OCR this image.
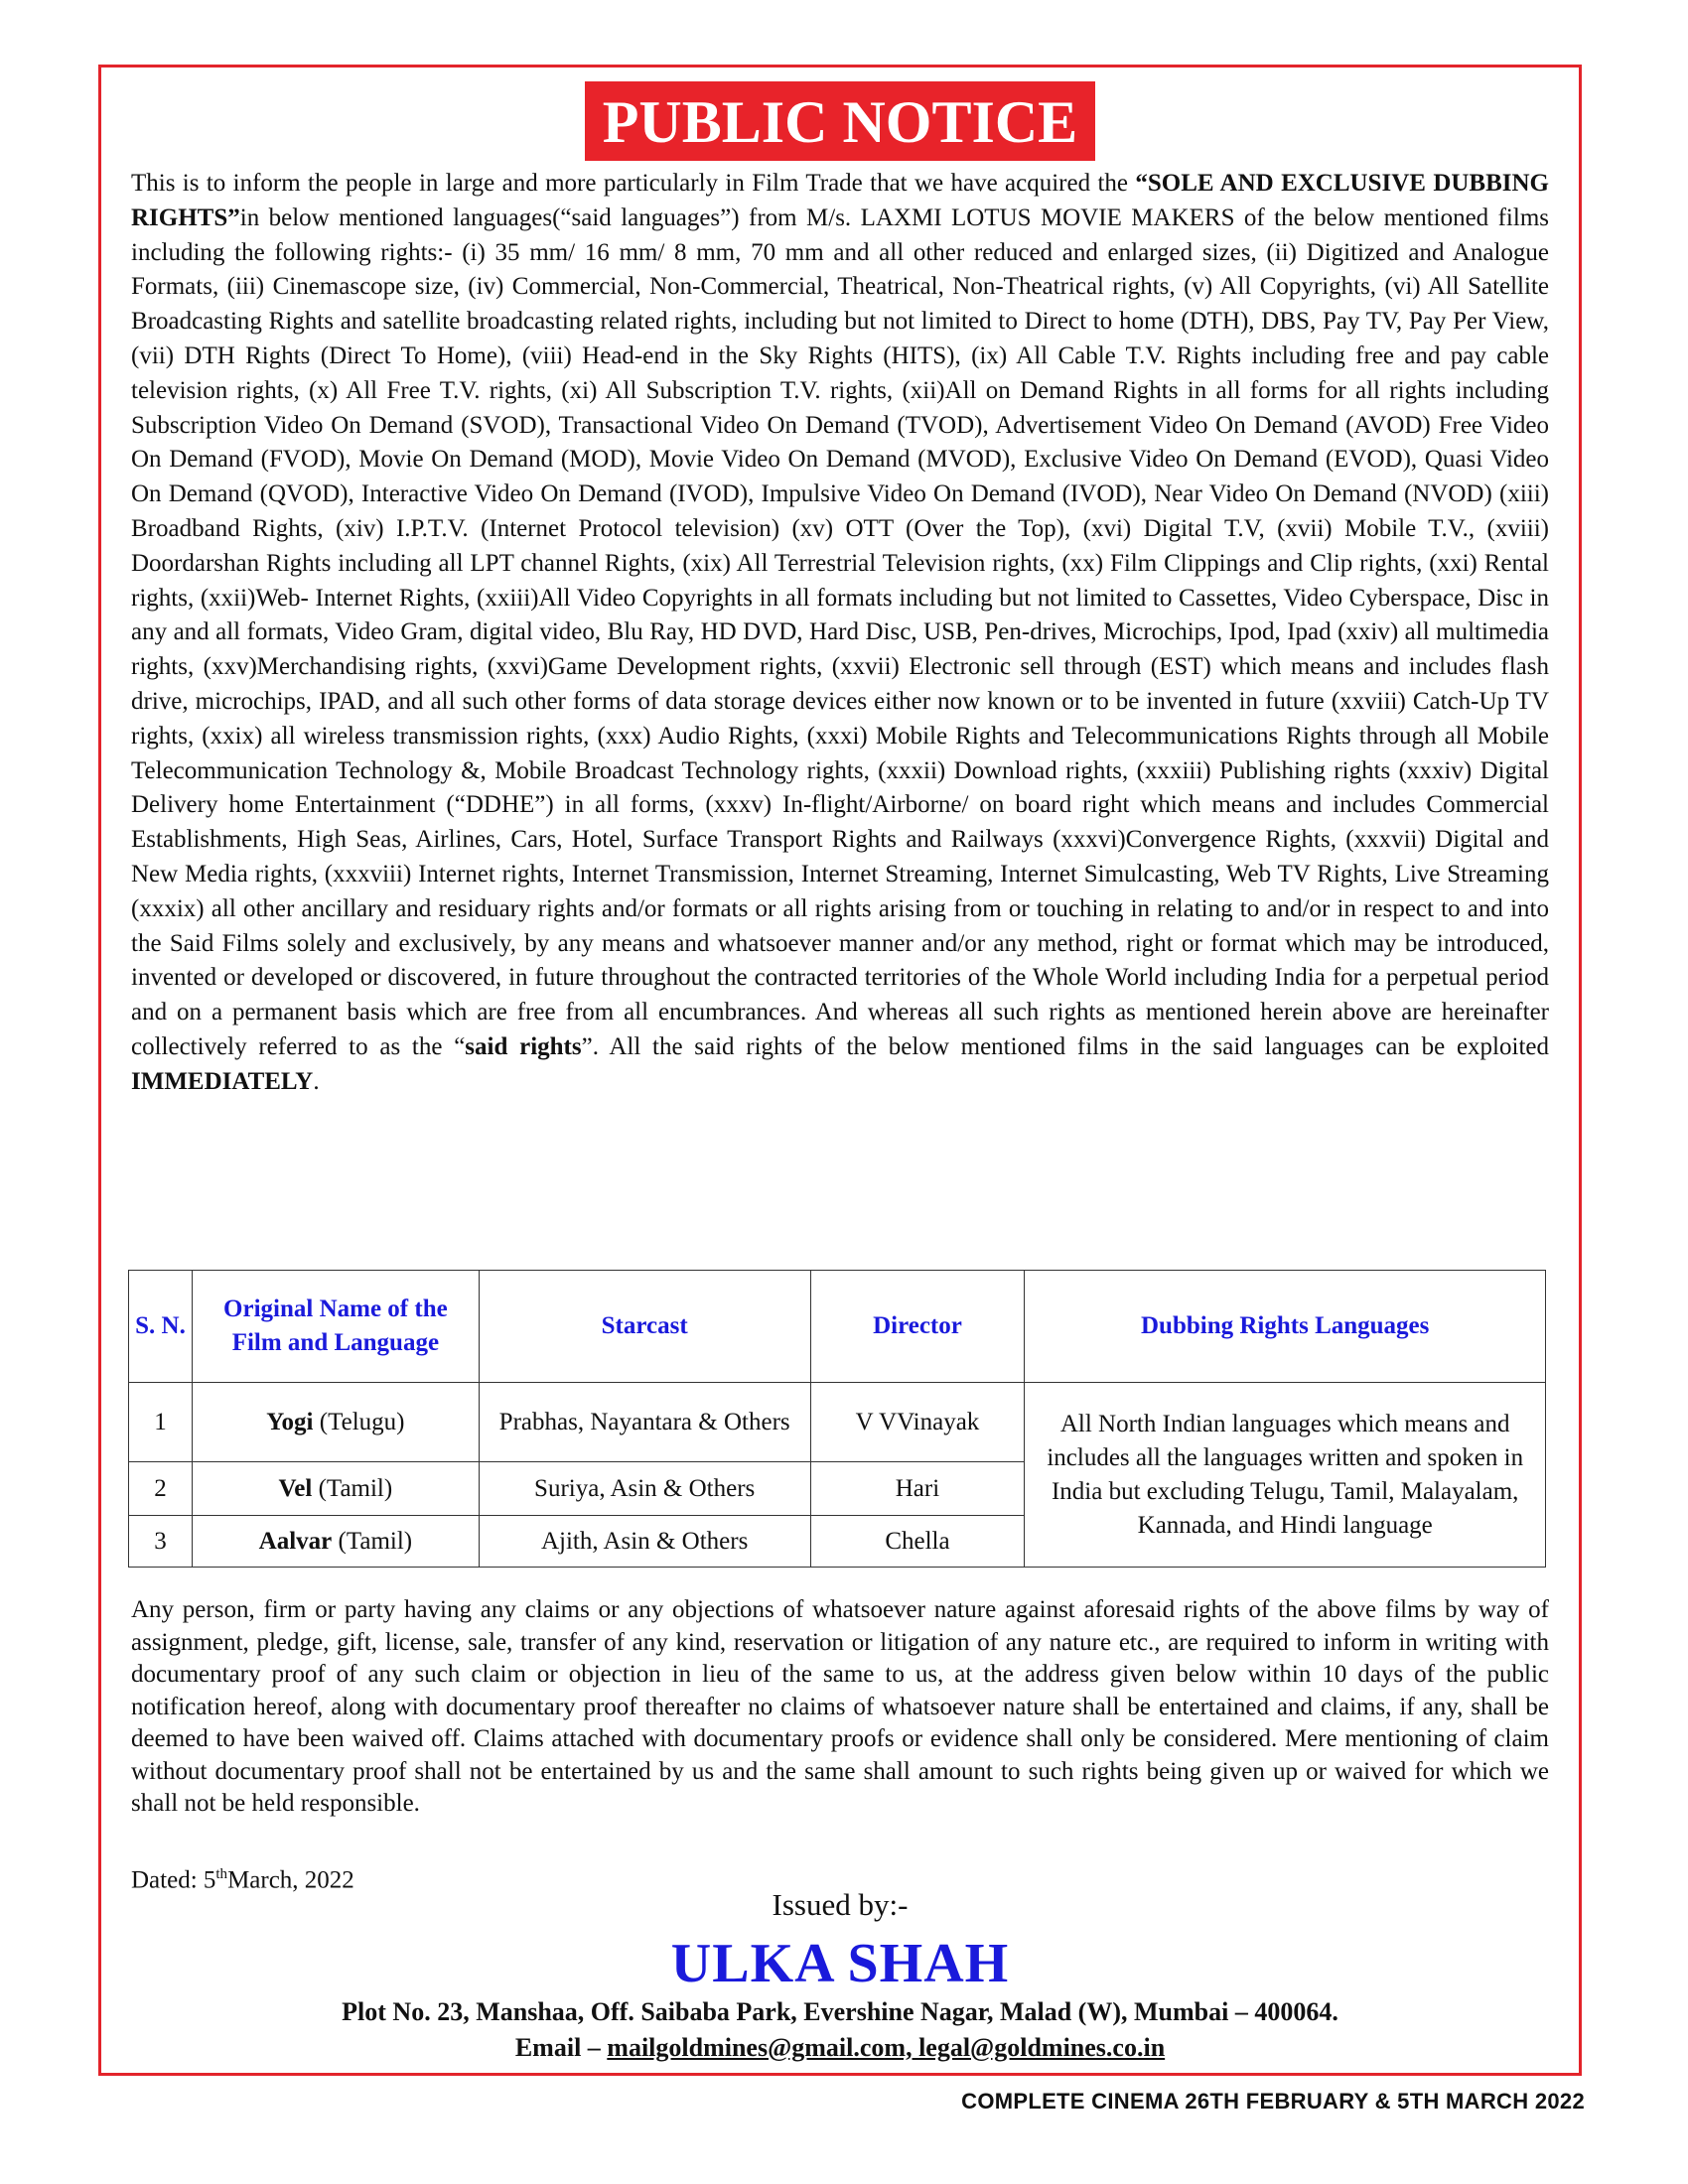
PUBLIC NOTICE

This is to inform the people in large and more particularly in Film Trade that we have acquired the “SOLE AND EXCLUSIVE DUBBING RIGHTS”in below mentioned languages(“said languages”) from M/s. LAXMI LOTUS MOVIE MAKERS of the below mentioned films including the following rights:- (i) 35 mm/ 16 mm/ 8 mm, 70 mm and all other reduced and enlarged sizes, (ii) Digitized and Analogue Formats, (iii) Cinemascope size, (iv) Commercial, Non-Commercial, Theatrical, Non-Theatrical rights, (v) All Copyrights, (vi) All Satellite Broadcasting Rights and satellite broadcasting related rights, including but not limited to Direct to home (DTH), DBS, Pay TV, Pay Per View, (vii) DTH Rights (Direct To Home), (viii) Head-end in the Sky Rights (HITS), (ix) All Cable T.V. Rights including free and pay cable television rights, (x) All Free T.V. rights, (xi) All Subscription T.V. rights, (xii)All on Demand Rights in all forms for all rights including Subscription Video On Demand (SVOD), Transactional Video On Demand (TVOD), Advertisement Video On Demand (AVOD) Free Video On Demand (FVOD), Movie On Demand (MOD), Movie Video On Demand (MVOD), Exclusive Video On Demand (EVOD), Quasi Video On Demand (QVOD), Interactive Video On Demand (IVOD), Impulsive Video On Demand (IVOD), Near Video On Demand (NVOD) (xiii) Broadband Rights, (xiv) I.P.T.V. (Internet Protocol television) (xv) OTT (Over the Top), (xvi) Digital T.V, (xvii) Mobile T.V., (xviii) Doordarshan Rights including all LPT channel Rights, (xix) All Terrestrial Television rights, (xx) Film Clippings and Clip rights, (xxi) Rental rights, (xxii)Web- Internet Rights, (xxiii)All Video Copyrights in all formats including but not limited to Cassettes, Video Cyberspace, Disc in any and all formats, Video Gram, digital video, Blu Ray, HD DVD, Hard Disc, USB, Pen-drives, Microchips, Ipod, Ipad (xxiv) all multimedia rights, (xxv)Merchandising rights, (xxvi)Game Development rights, (xxvii) Electronic sell through (EST) which means and includes flash drive, microchips, IPAD, and all such other forms of data storage devices either now known or to be invented in future (xxviii) Catch-Up TV rights, (xxix) all wireless transmission rights, (xxx) Audio Rights, (xxxi) Mobile Rights and Telecommunications Rights through all Mobile Telecommunication Technology &, Mobile Broadcast Technology rights, (xxxii) Download rights, (xxxiii) Publishing rights (xxxiv) Digital Delivery home Entertainment (“DDHE”) in all forms, (xxxv) In-flight/Airborne/ on board right which means and includes Commercial Establishments, High Seas, Airlines, Cars, Hotel, Surface Transport Rights and Railways (xxxvi)Convergence Rights, (xxxvii) Digital and New Media rights, (xxxviii) Internet rights, Internet Transmission, Internet Streaming, Internet Simulcasting, Web TV Rights, Live Streaming (xxxix) all other ancillary and residuary rights and/or formats or all rights arising from or touching in relating to and/or in respect to and into the Said Films solely and exclusively, by any means and whatsoever manner and/or any method, right or format which may be introduced, invented or developed or discovered, in future throughout the contracted territories of the Whole World including India for a perpetual period and on a permanent basis which are free from all encumbrances. And whereas all such rights as mentioned herein above are hereinafter collectively referred to as the “said rights”. All the said rights of the below mentioned films in the said languages can be exploited IMMEDIATELY.

S. N.	Original Name of the Film and Language	Starcast	Director	Dubbing Rights Languages
1	Yogi (Telugu)	Prabhas, Nayantara & Others	V VVinayak	All North Indian languages which means and includes all the languages written and spoken in India but excluding Telugu, Tamil, Malayalam, Kannada, and Hindi language
2	Vel (Tamil)	Suriya, Asin & Others	Hari	
3	Aalvar (Tamil)	Ajith, Asin & Others	Chella	
Any person, firm or party having any claims or any objections of whatsoever nature against aforesaid rights of the above films by way of assignment, pledge, gift, license, sale, transfer of any kind, reservation or litigation of any nature etc., are required to inform in writing with documentary proof of any such claim or objection in lieu of the same to us, at the address given below within 10 days of the public notification hereof, along with documentary proof thereafter no claims of whatsoever nature shall be entertained and claims, if any, shall be deemed to have been waived off. Claims attached with documentary proofs or evidence shall only be considered. Mere mentioning of claim without documentary proof shall not be entertained by us and the same shall amount to such rights being given up or waived for which we shall not be held responsible.
Dated: 5thMarch, 2022
Issued by:-
ULKA SHAH
Plot No. 23, Manshaa, Off. Saibaba Park, Evershine Nagar, Malad (W), Mumbai – 400064.
Email – mailgoldmines@gmail.com, legal@goldmines.co.in
COMPLETE CINEMA 26TH FEBRUARY & 5TH MARCH 2022
